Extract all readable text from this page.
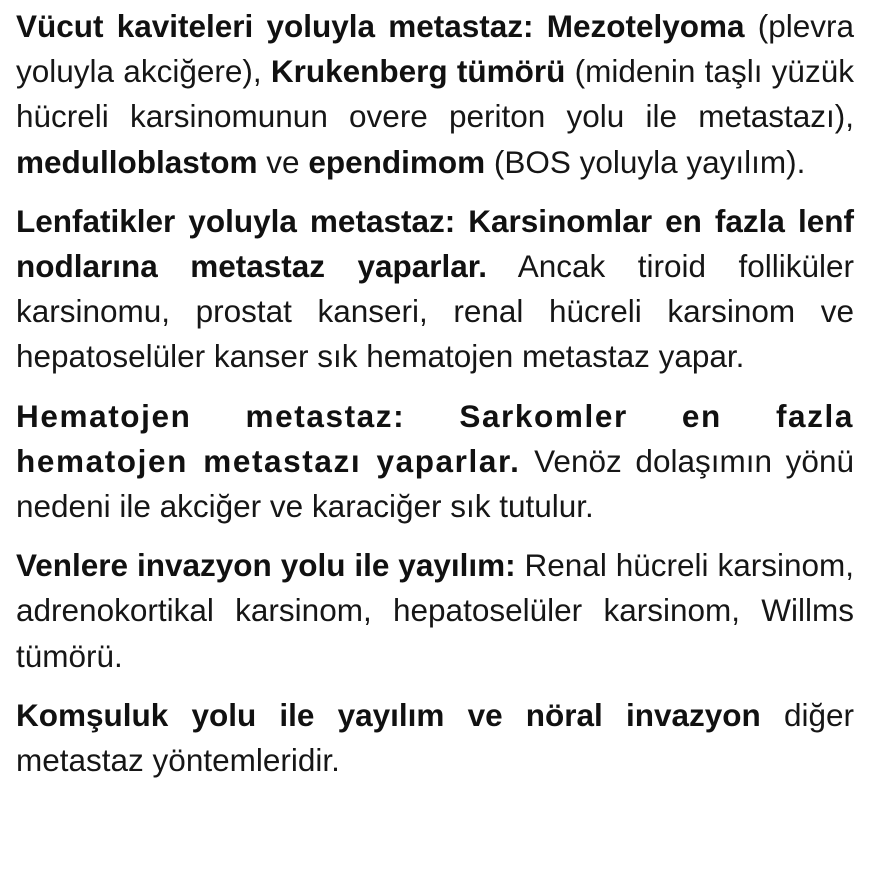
Vücut kaviteleri yoluyla metastaz: Mezotelyoma (plevra yoluyla akciğere), Krukenberg tümörü (midenin taşlı yüzük hücreli karsinomunun overe periton yolu ile metastazı), medulloblastom ve ependimom (BOS yoluyla yayılım).

Lenfatikler yoluyla metastaz: Karsinomlar en fazla lenf nodlarına metastaz yaparlar. Ancak tiroid folliküler karsinomu, prostat kanseri, renal hücreli karsinom ve hepatoselüler kanser sık hematojen metastaz yapar.

Hematojen metastaz: Sarkomler en fazla hematojen metastazı yaparlar. Venöz dolaşımın yönü nedeni ile akciğer ve karaciğer sık tutulur.

Venlere invazyon yolu ile yayılım: Renal hücreli karsinom, adrenokortikal karsinom, hepatoselüler karsinom, Willms tümörü.

Komşuluk yolu ile yayılım ve nöral invazyon diğer metastaz yöntemleridir.
